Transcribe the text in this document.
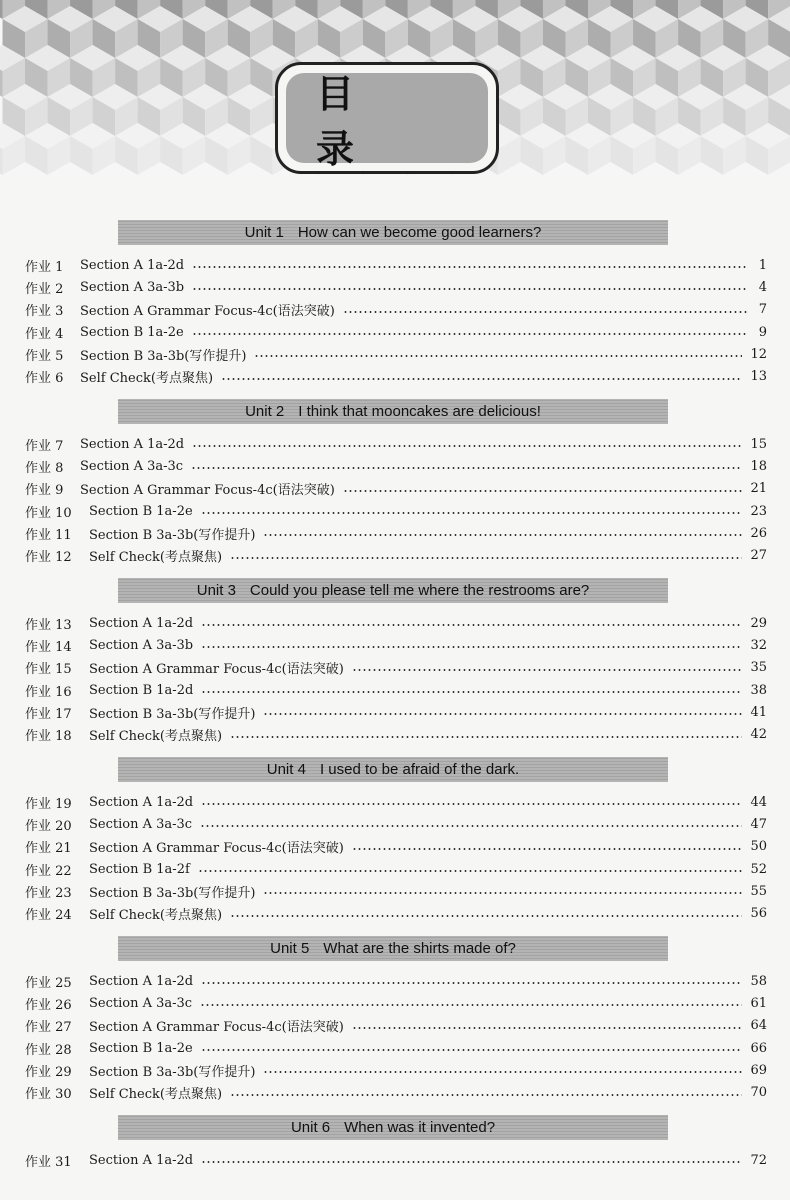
目 录
Unit 1 How can we become good learners?
作业 1	Section A 1a-2d	1
作业 2	Section A 3a-3b	4
作业 3	Section A Grammar Focus-4c(语法突破)	7
作业 4	Section B 1a-2e	9
作业 5	Section B 3a-3b(写作提升)	12
作业 6	Self Check(考点聚焦)	13
Unit 2 I think that mooncakes are delicious!
作业 7	Section A 1a-2d	15
作业 8	Section A 3a-3c	18
作业 9	Section A Grammar Focus-4c(语法突破)	21
作业 10	Section B 1a-2e	23
作业 11	Section B 3a-3b(写作提升)	26
作业 12	Self Check(考点聚焦)	27
Unit 3 Could you please tell me where the restrooms are?
作业 13	Section A 1a-2d	29
作业 14	Section A 3a-3b	32
作业 15	Section A Grammar Focus-4c(语法突破)	35
作业 16	Section B 1a-2d	38
作业 17	Section B 3a-3b(写作提升)	41
作业 18	Self Check(考点聚焦)	42
Unit 4 I used to be afraid of the dark.
作业 19	Section A 1a-2d	44
作业 20	Section A 3a-3c	47
作业 21	Section A Grammar Focus-4c(语法突破)	50
作业 22	Section B 1a-2f	52
作业 23	Section B 3a-3b(写作提升)	55
作业 24	Self Check(考点聚焦)	56
Unit 5 What are the shirts made of?
作业 25	Section A 1a-2d	58
作业 26	Section A 3a-3c	61
作业 27	Section A Grammar Focus-4c(语法突破)	64
作业 28	Section B 1a-2e	66
作业 29	Section B 3a-3b(写作提升)	69
作业 30	Self Check(考点聚焦)	70
Unit 6 When was it invented?
作业 31	Section A 1a-2d	72
